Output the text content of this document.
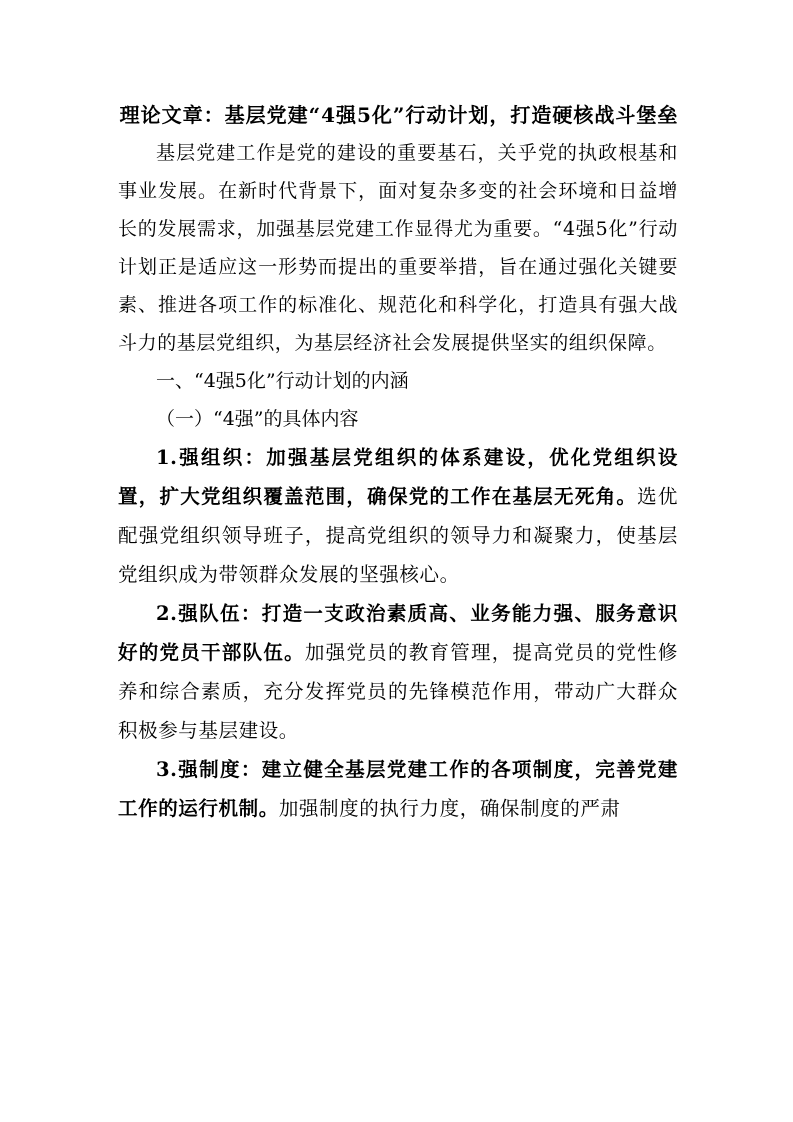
理论文章：基层党建“4强5化”行动计划，打造硬核战斗堡垒

基层党建工作是党的建设的重要基石，关乎党的执政根基和事业发展。在新时代背景下，面对复杂多变的社会环境和日益增长的发展需求，加强基层党建工作显得尤为重要。“4强5化”行动计划正是适应这一形势而提出的重要举措，旨在通过强化关键要素、推进各项工作的标准化、规范化和科学化，打造具有强大战斗力的基层党组织，为基层经济社会发展提供坚实的组织保障。

一、“4强5化”行动计划的内涵

（一）“4强”的具体内容

1.强组织：加强基层党组织的体系建设，优化党组织设置，扩大党组织覆盖范围，确保党的工作在基层无死角。选优配强党组织领导班子，提高党组织的领导力和凝聚力，使基层党组织成为带领群众发展的坚强核心。

2.强队伍：打造一支政治素质高、业务能力强、服务意识好的党员干部队伍。加强党员的教育管理，提高党员的党性修养和综合素质，充分发挥党员的先锋模范作用，带动广大群众积极参与基层建设。

3.强制度：建立健全基层党建工作的各项制度，完善党建工作的运行机制。加强制度的执行力度，确保制度的严肃
